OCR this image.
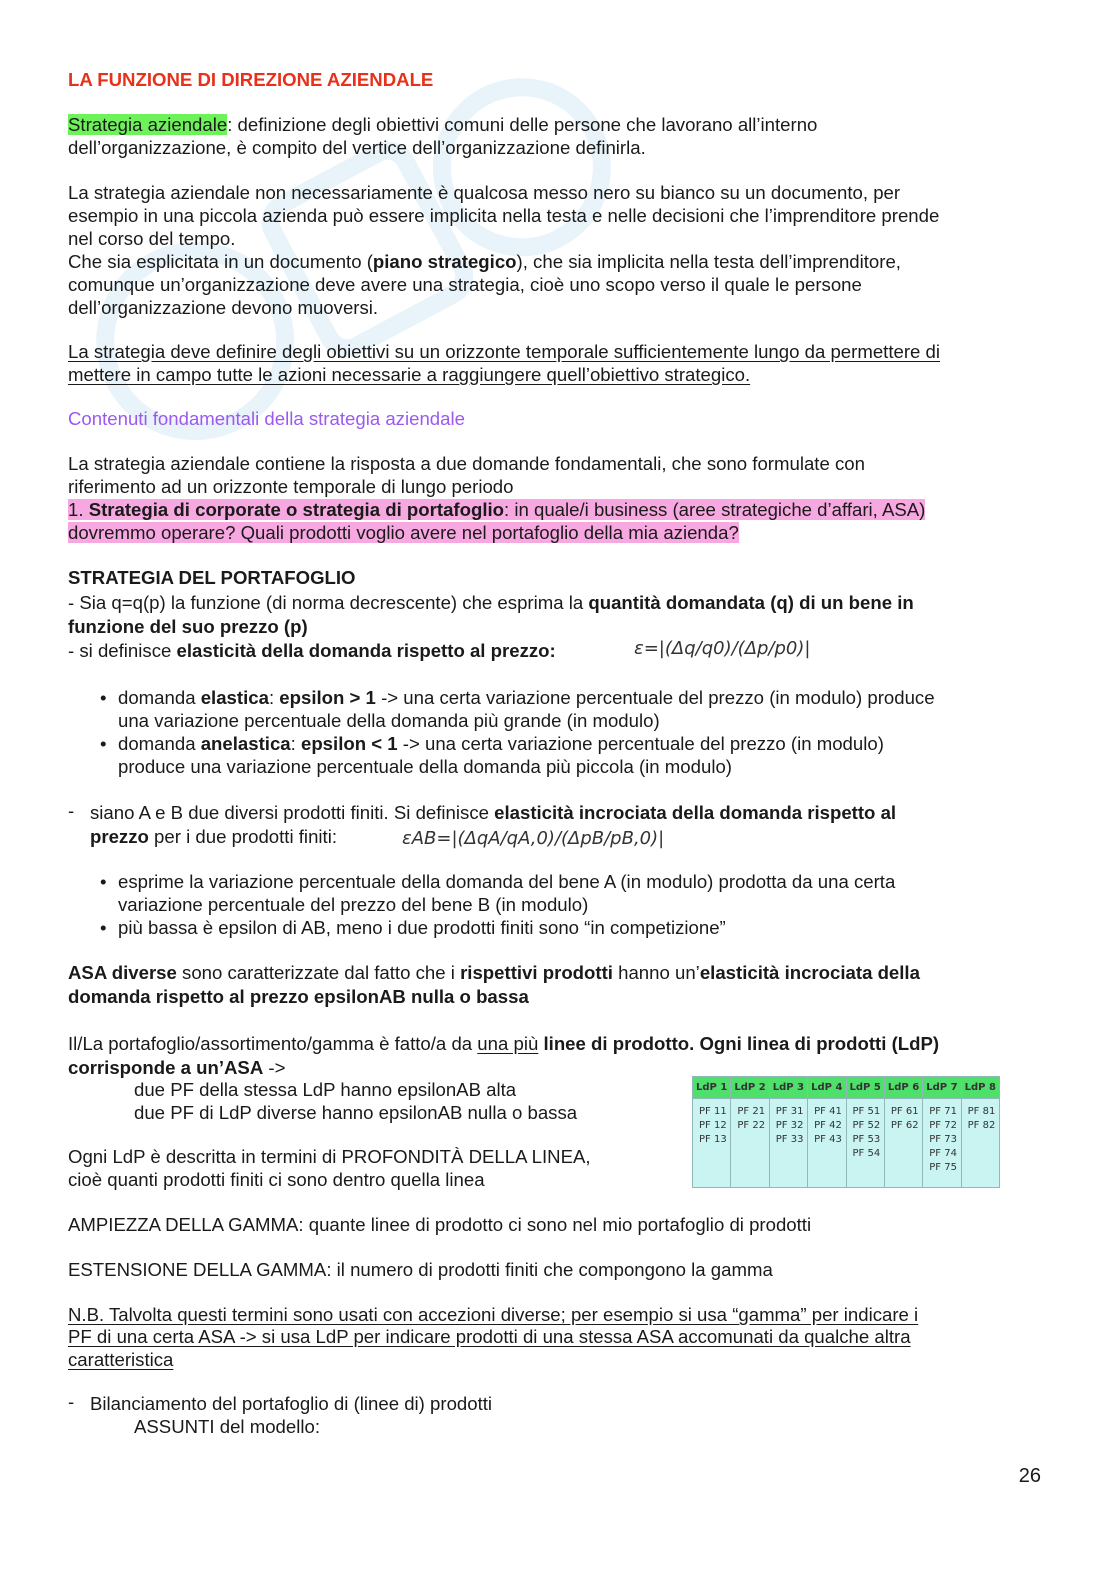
LA FUNZIONE DI DIREZIONE AZIENDALE
Strategia aziendale: definizione degli obiettivi comuni delle persone che lavorano all’interno
dell’organizzazione, è compito del vertice dell’organizzazione definirla.
La strategia aziendale non necessariamente è qualcosa messo nero su bianco su un documento, per
esempio in una piccola azienda può essere implicita nella testa e nelle decisioni che l’imprenditore prende
nel corso del tempo.
Che sia esplicitata in un documento (piano strategico), che sia implicita nella testa dell’imprenditore,
comunque un’organizzazione deve avere una strategia, cioè uno scopo verso il quale le persone
dell’organizzazione devono muoversi.
La strategia deve definire degli obiettivi su un orizzonte temporale sufficientemente lungo da permettere di
mettere in campo tutte le azioni necessarie a raggiungere quell’obiettivo strategico.
Contenuti fondamentali della strategia aziendale
La strategia aziendale contiene la risposta a due domande fondamentali, che sono formulate con
riferimento ad un orizzonte temporale di lungo periodo
1. Strategia di corporate o strategia di portafoglio: in quale/i business (aree strategiche d’affari, ASA)
dovremmo operare? Quali prodotti voglio avere nel portafoglio della mia azienda?
STRATEGIA DEL PORTAFOGLIO
- Sia q=q(p) la funzione (di norma decrescente) che esprima la quantità domandata (q) di un bene in
funzione del suo prezzo (p)
- si definisce elasticità della domanda rispetto al prezzo:	ε=|(Δq/q0)/(Δp/p0)|
• domanda elastica: epsilon > 1 -> una certa variazione percentuale del prezzo (in modulo) produce
una variazione percentuale della domanda più grande (in modulo)
• domanda anelastica: epsilon < 1 -> una certa variazione percentuale del prezzo (in modulo)
produce una variazione percentuale della domanda più piccola (in modulo)
- siano A e B due diversi prodotti finiti. Si definisce elasticità incrociata della domanda rispetto al
prezzo per i due prodotti finiti:	εAB=|(ΔqA/qA,0)/(ΔpB/pB,0)|
• esprime la variazione percentuale della domanda del bene A (in modulo) prodotta da una certa
variazione percentuale del prezzo del bene B (in modulo)
• più bassa è epsilon di AB, meno i due prodotti finiti sono “in competizione”
ASA diverse sono caratterizzate dal fatto che i rispettivi prodotti hanno un’elasticità incrociata della
domanda rispetto al prezzo epsilonAB nulla o bassa
Il/La portafoglio/assortimento/gamma è fatto/a da una più linee di prodotto. Ogni linea di prodotti (LdP)
corrisponde a un’ASA ->
due PF della stessa LdP hanno epsilonAB alta
due PF di LdP diverse hanno epsilonAB nulla o bassa
Ogni LdP è descritta in termini di PROFONDITÀ DELLA LINEA,
cioè quanti prodotti finiti ci sono dentro quella linea
AMPIEZZA DELLA GAMMA: quante linee di prodotto ci sono nel mio portafoglio di prodotti
ESTENSIONE DELLA GAMMA: il numero di prodotti finiti che compongono la gamma
N.B. Talvolta questi termini sono usati con accezioni diverse; per esempio si usa “gamma” per indicare i
PF di una certa ASA -> si usa LdP per indicare prodotti di una stessa ASA accomunati da qualche altra
caratteristica
- Bilanciamento del portafoglio di (linee di) prodotti
ASSUNTI del modello:
LdP 1
PF 11
PF 12
PF 13
LdP 2
PF 21
PF 22
LdP 3
PF 31
PF 32
PF 33
LdP 4
PF 41
PF 42
PF 43
LdP 5
PF 51
PF 52
PF 53
PF 54
LdP 6
PF 61
PF 62
LdP 7
PF 71
PF 72
PF 73
PF 74
PF 75
LdP 8
PF 81
PF 82
26
